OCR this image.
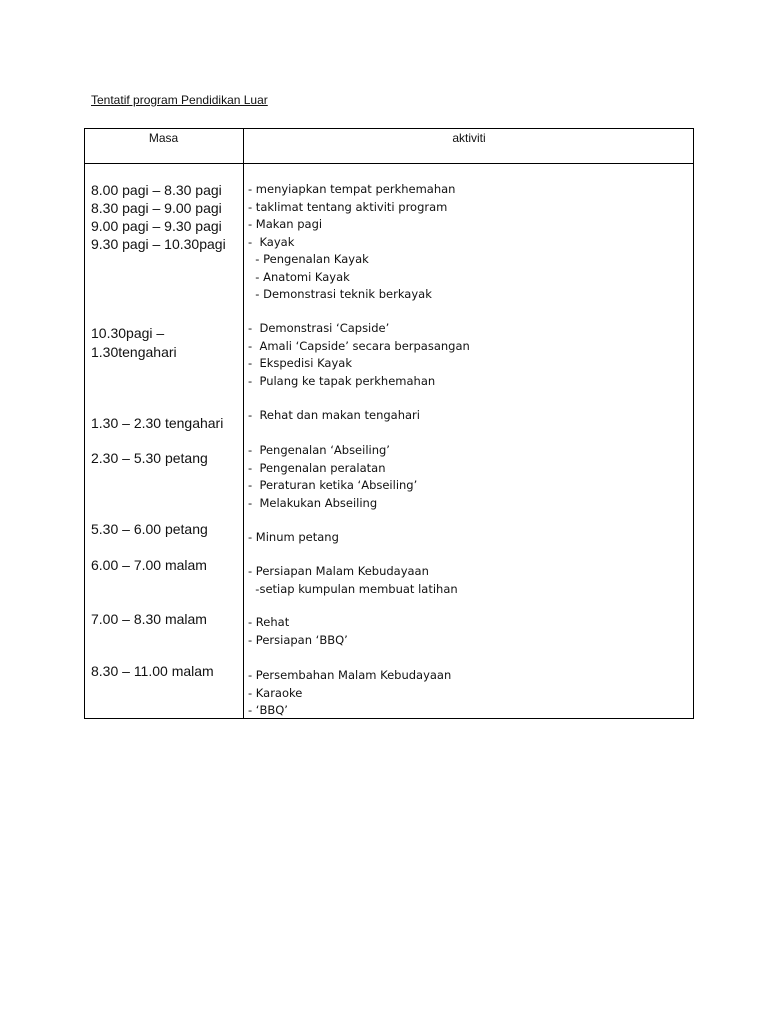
Tentatif program Pendidikan Luar
Masa	aktiviti
8.00 pagi – 8.30 pagi
8.30 pagi – 9.00 pagi
9.00 pagi – 9.30 pagi
9.30 pagi – 10.30pagi
10.30pagi –
1.30tengahari
1.30 – 2.30 tengahari
2.30 – 5.30 petang
5.30 – 6.00 petang
6.00 – 7.00 malam
7.00 – 8.30 malam
8.30 – 11.00 malam
- menyiapkan tempat perkhemahan
- taklimat tentang aktiviti program
- Makan pagi
-  Kayak
- Pengenalan Kayak
- Anatomi Kayak
- Demonstrasi teknik berkayak
-  Demonstrasi ‘Capside’
-  Amali ‘Capside’ secara berpasangan
-  Ekspedisi Kayak
-  Pulang ke tapak perkhemahan
-  Rehat dan makan tengahari
-  Pengenalan ‘Abseiling’
-  Pengenalan peralatan
-  Peraturan ketika ‘Abseiling’
-  Melakukan Abseiling
- Minum petang
- Persiapan Malam Kebudayaan
-setiap kumpulan membuat latihan
- Rehat
- Persiapan ‘BBQ’
- Persembahan Malam Kebudayaan
- Karaoke
- ‘BBQ’
